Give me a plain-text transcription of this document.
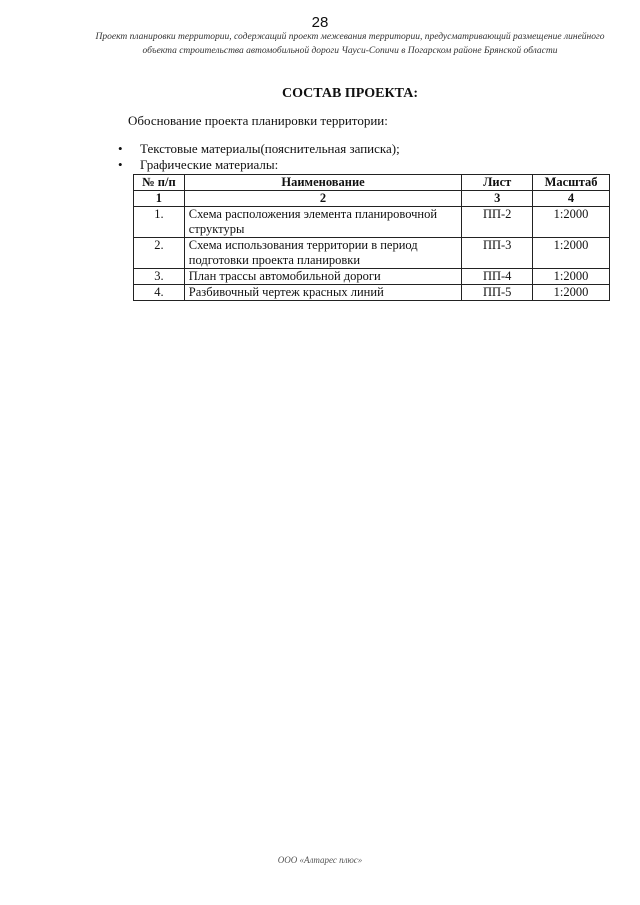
28
Проект планировки территории, содержащий проект межевания территории, предусматривающий размещение линейного объекта строительства автомобильной дороги Чауси-Сопичи в Погарском районе Брянской области
СОСТАВ ПРОЕКТА:
Обоснование проекта планировки территории:
• Текстовые материалы(пояснительная записка);
• Графические материалы:
№ п/п	Наименование	Лист	Масштаб
1	2	3	4
1.	Схема расположения элемента планировочной структуры	ПП-2	1:2000
2.	Схема использования территории в период подготовки проекта планировки	ПП-3	1:2000
3.	План трассы автомобильной дороги	ПП-4	1:2000
4.	Разбивочный чертеж красных линий	ПП-5	1:2000
ООО «Алтарес плюс»
